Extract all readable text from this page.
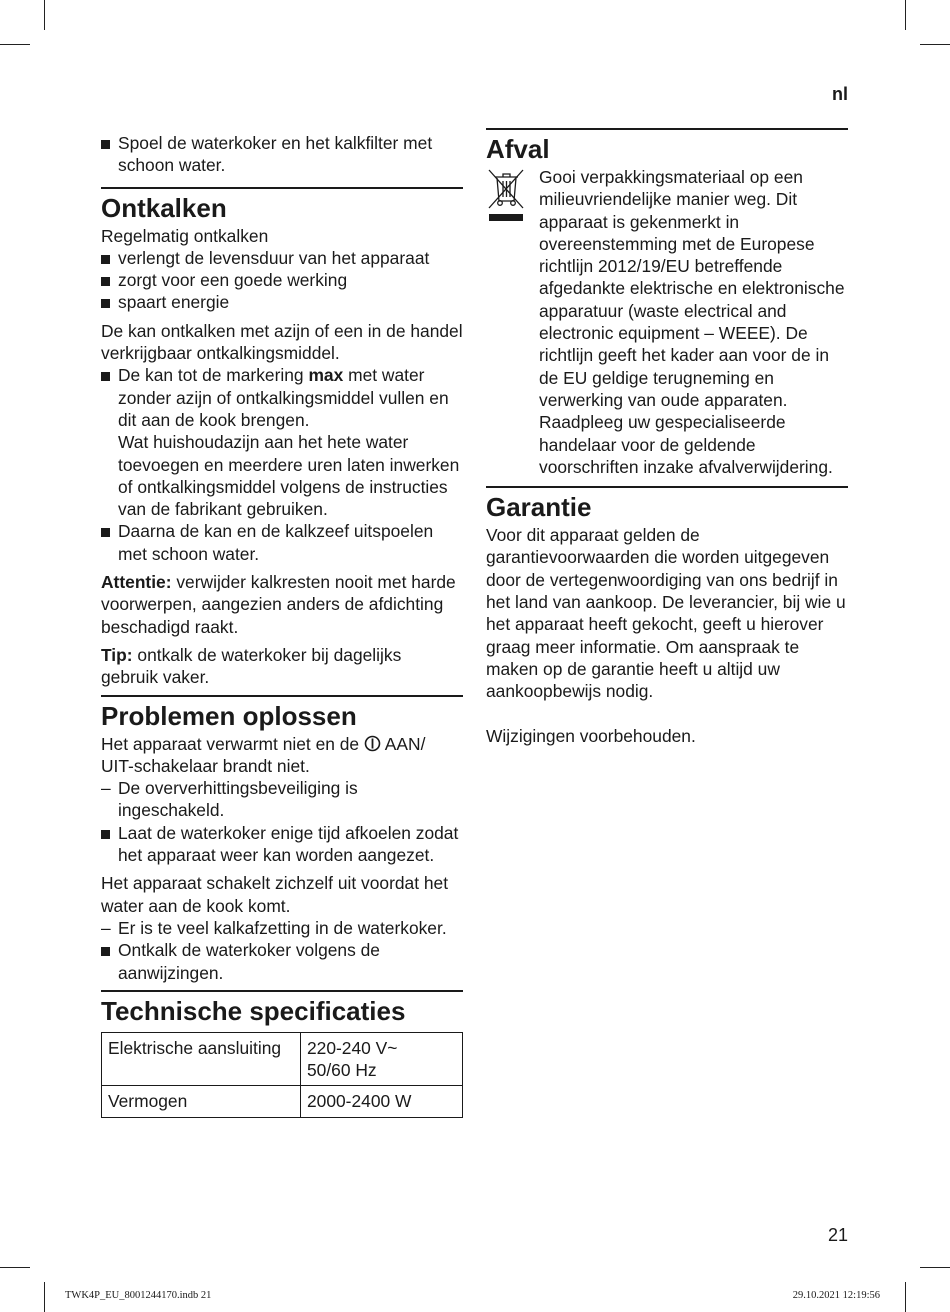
nl
Spoel de waterkoker en het kalkfilter met schoon water.
Ontkalken
Regelmatig ontkalken
verlengt de levensduur van het apparaat
zorgt voor een goede werking
spaart energie
De kan ontkalken met azijn of een in de handel verkrijgbaar ontkalkingsmiddel.
De kan tot de markering max met water zonder azijn of ontkalkingsmiddel vullen en dit aan de kook brengen.
Wat huishoudazijn aan het hete water toevoegen en meerdere uren laten inwerken of ontkalkingsmiddel volgens de instructies van de fabrikant gebruiken.
Daarna de kan en de kalkzeef uitspoelen met schoon water.
Attentie: verwijder kalkresten nooit met harde voorwerpen, aangezien anders de afdichting beschadigd raakt.
Tip: ontkalk de waterkoker bij dagelijks gebruik vaker.
Problemen oplossen
Het apparaat verwarmt niet en de  AAN/ UIT-schakelaar brandt niet.
– De oververhittingsbeveiliging is ingeschakeld.
Laat de waterkoker enige tijd afkoelen zodat het apparaat weer kan worden aangezet.
Het apparaat schakelt zichzelf uit voordat het water aan de kook komt.
– Er is te veel kalkafzetting in de waterkoker.
Ontkalk de waterkoker volgens de aanwijzingen.
Technische specificaties
Elektrische aansluiting	220-240 V~ 50/60 Hz
Vermogen	2000-2400 W
Afval
Gooi verpakkingsmateriaal op een milieuvriendelijke manier weg. Dit apparaat is gekenmerkt in overeenstemming met de Europese richtlijn 2012/19/EU betreffende afgedankte elektrische en elektronische apparatuur (waste electrical and electronic equipment – WEEE). De richtlijn geeft het kader aan voor de in de EU geldige terugneming en verwerking van oude apparaten. Raadpleeg uw gespecialiseerde handelaar voor de geldende voorschriften inzake afvalverwijdering.
Garantie
Voor dit apparaat gelden de garantievoorwaarden die worden uitgegeven door de vertegenwoordiging van ons bedrijf in het land van aankoop. De leverancier, bij wie u het apparaat heeft gekocht, geeft u hierover graag meer informatie. Om aanspraak te maken op de garantie heeft u altijd uw aankoopbewijs nodig.
Wijzigingen voorbehouden.
21
TWK4P_EU_8001244170.indb 21	29.10.2021 12:19:56
